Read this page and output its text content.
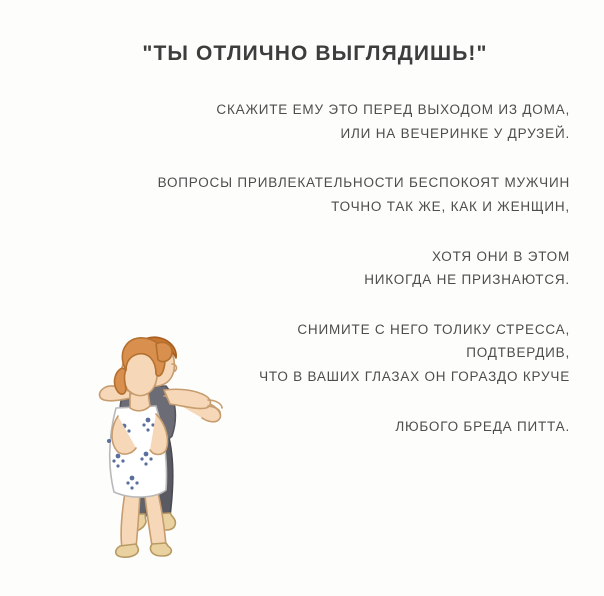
"ТЫ ОТЛИЧНО ВЫГЛЯДИШЬ!"
СКАЖИТЕ ЕМУ ЭТО ПЕРЕД ВЫХОДОМ ИЗ ДОМА,
ИЛИ НА ВЕЧЕРИНКЕ У ДРУЗЕЙ.
ВОПРОСЫ ПРИВЛЕКАТЕЛЬНОСТИ БЕСПОКОЯТ МУЖЧИН
ТОЧНО ТАК ЖЕ, КАК И ЖЕНЩИН,
ХОТЯ ОНИ В ЭТОМ
НИКОГДА НЕ ПРИЗНАЮТСЯ.
СНИМИТЕ С НЕГО ТОЛИКУ СТРЕССА,
ПОДТВЕРДИВ,
ЧТО В ВАШИХ ГЛАЗАХ ОН ГОРАЗДО КРУЧЕ
ЛЮБОГО БРЕДА ПИТТА.
